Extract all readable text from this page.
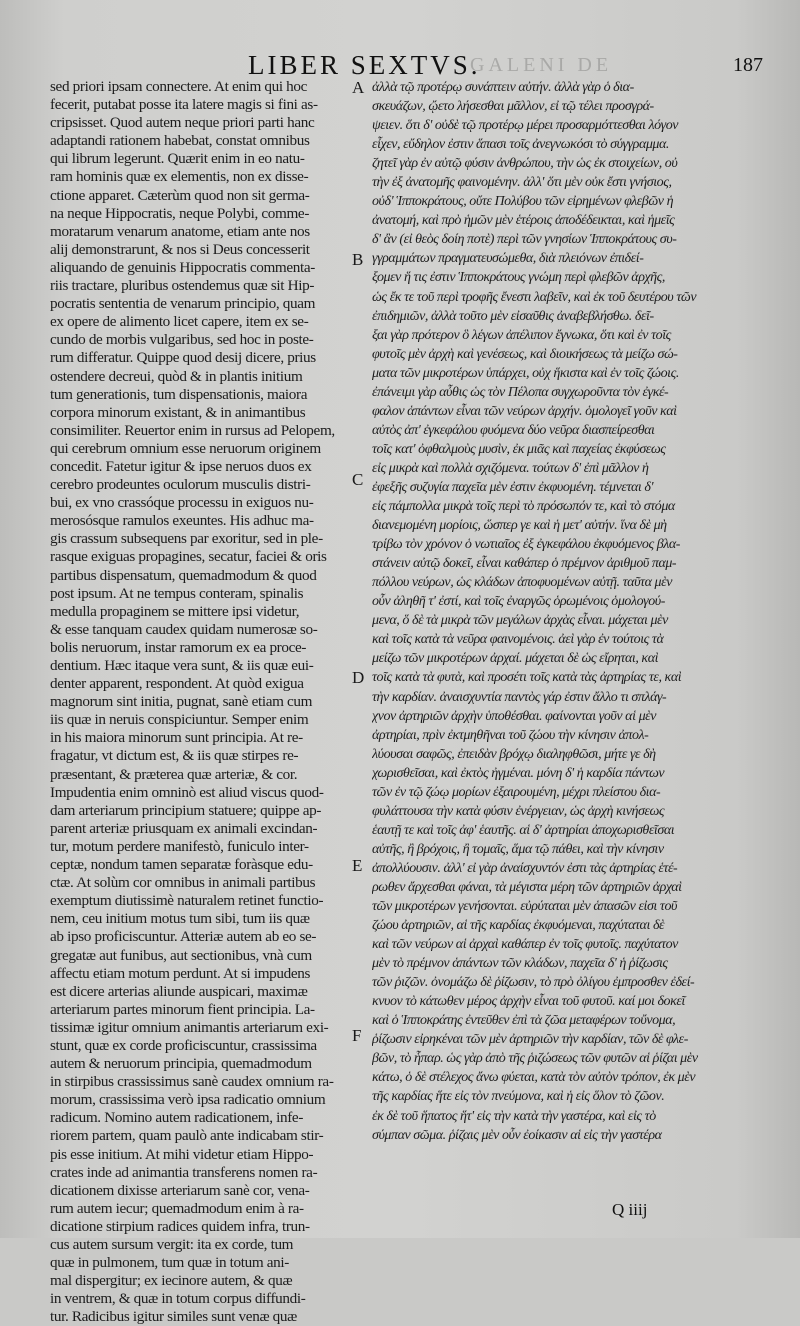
GALENI DE
LIBER SEXTVS.	187
sed priori ipsam connectere. At enim qui hoc
fecerit, putabat posse ita latere magis si fini as-
cripsisset. Quod autem neque priori parti hanc
adaptandi rationem habebat, constat omnibus
qui librum legerunt. Quærit enim in eo natu-
ram hominis quæ ex elementis, non ex disse-
ctione apparet. Cæterùm quod non sit germa-
na neque Hippocratis, neque Polybi, comme-
moratarum venarum anatome, etiam ante nos
alij demonstrarunt, & nos si Deus concesserit
aliquando de genuinis Hippocratis commenta-
riis tractare, pluribus ostendemus quæ sit Hip-
pocratis sententia de venarum principio, quam
ex opere de alimento licet capere, item ex se-
cundo de morbis vulgaribus, sed hoc in poste-
rum differatur. Quippe quod desij dicere, prius
ostendere decreui, quòd & in plantis initium
tum generationis, tum dispensationis, maiora
corpora minorum existant, & in animantibus
consimiliter. Reuertor enim in rursus ad Pelopem,
qui cerebrum omnium esse neruorum originem
concedit. Fatetur igitur & ipse neruos duos ex
cerebro prodeuntes oculorum musculis distri-
bui, ex vno crassóque processu in exiguos nu-
merosósque ramulos exeuntes. His adhuc ma-
gis crassum subsequens par exoritur, sed in ple-
rasque exiguas propagines, secatur, faciei & oris
partibus dispensatum, quemadmodum & quod
post ipsum. At ne tempus conteram, spinalis
medulla propaginem se mittere ipsi videtur,
& esse tanquam caudex quidam numerosæ so-
bolis neruorum, instar ramorum ex ea proce-
dentium. Hæc itaque vera sunt, & iis quæ eui-
denter apparent, respondent. At quòd exigua
magnorum sint initia, pugnat, sanè etiam cum
iis quæ in neruis conspiciuntur. Semper enim
in his maiora minorum sunt principia. At re-
fragatur, vt dictum est, & iis quæ stirpes re-
præsentant, & præterea quæ arteriæ, & cor.
Impudentia enim omninò est aliud viscus quod-
dam arteriarum principium statuere; quippe ap-
parent arteriæ priusquam ex animali excindan-
tur, motum perdere manifestò, funiculo inter-
ceptæ, nondum tamen separatæ foràsque edu-
ctæ. At solùm cor omnibus in animali partibus
exemptum diutissimè naturalem retinet functio-
nem, ceu initium motus tum sibi, tum iis quæ
ab ipso proficiscuntur. Atteriæ autem ab eo se-
gregatæ aut funibus, aut sectionibus, vnà cum
affectu etiam motum perdunt. At si impudens
est dicere arterias aliunde auspicari, maximæ
arteriarum partes minorum fient principia. La-
tissimæ igitur omnium animantis arteriarum exi-
stunt, quæ ex corde proficiscuntur, crassissima
autem & neruorum principia, quemadmodum
in stirpibus crassissimus sanè caudex omnium ra-
morum, crassissima verò ipsa radicatio omnium
radicum. Nomino autem radicationem, infe-
riorem partem, quam paulò ante indicabam stir-
pis esse initium. At mihi videtur etiam Hippo-
crates inde ad animantia transferens nomen ra-
dicationem dixisse arteriarum sanè cor, vena-
rum autem iecur; quemadmodum enim à ra-
dicatione stirpium radices quidem infra, trun-
cus autem sursum vergit: ita ex corde, tum
quæ in pulmonem, tum quæ in totum ani-
mal dispergitur; ex iecinore autem, & quæ
in ventrem, & quæ in totum corpus diffundi-
tur. Radicibus igitur similes sunt venæ quæ
ἀλλὰ τῷ προτέρῳ συνάπτειν αὐτήν. ἀλλὰ γὰρ ὁ δια-
σκευάζων, ᾤετο λήσεσθαι μᾶλλον, εἰ τῷ τέλει προσγρά-
ψειεν. ὅτι δ' οὐδὲ τῷ προτέρῳ μέρει προσαρμόττεσθαι λόγον
εἶχεν, εὔδηλον ἐστιν ἅπασι τοῖς ἀνεγνωκόσι τὸ σύγγραμμα.
ζητεῖ γὰρ ἐν αὐτῷ φύσιν ἀνθρώπου, τὴν ὡς ἐκ στοιχείων, οὐ
τὴν ἐξ ἀνατομῆς φαινομένην. ἀλλ' ὅτι μὲν οὐκ ἔστι γνήσιος,
οὐδ' Ἱπποκράτους, οὔτε Πολύβου τῶν εἰρημένων φλεβῶν ἡ
ἀνατομή, καὶ πρὸ ἡμῶν μὲν ἑτέροις ἀποδέδεικται, καὶ ἡμεῖς
δ' ἂν (εἰ θεὸς δοίη ποτὲ) περὶ τῶν γνησίων Ἱπποκράτους συ-
γγραμμάτων πραγματευσώμεθα, διὰ πλειόνων ἐπιδεί-
ξομεν ἥ τις ἐστιν Ἱπποκράτους γνώμη περὶ φλεβῶν ἀρχῆς,
ὡς ἔκ τε τοῦ περὶ τροφῆς ἔνεστι λαβεῖν, καὶ ἐκ τοῦ δευτέρου τῶν
ἐπιδημιῶν, ἀλλὰ τοῦτο μὲν εἰσαῦθις ἀναβεβλήσθω. δεῖ-
ξαι γὰρ πρότερον ὃ λέγων ἀπέλιπον ἔγνωκα, ὅτι καὶ ἐν τοῖς
φυτοῖς μὲν ἀρχὴ καὶ γενέσεως, καὶ διοικήσεως τὰ μείζω σώ-
ματα τῶν μικροτέρων ὑπάρχει, οὐχ ἥκιστα καὶ ἐν τοῖς ζώοις.
ἐπάνειμι γὰρ αὖθις ὡς τὸν Πέλοπα συγχωροῦντα τὸν ἐγκέ-
φαλον ἁπάντων εἶναι τῶν νεύρων ἀρχήν. ὁμολογεῖ γοῦν καὶ
αὐτὸς ἀπ' ἐγκεφάλου φυόμενα δύο νεῦρα διασπείρεσθαι
τοῖς κατ' ὀφθαλμοὺς μυσὶν, ἐκ μιᾶς καὶ παχείας ἐκφύσεως
εἰς μικρὰ καὶ πολλὰ σχιζόμενα. τούτων δ' ἐπὶ μᾶλλον ἡ
ἐφεξῆς συζυγία παχεῖα μὲν ἐστιν ἐκφυομένη. τέμνεται δ'
εἰς πάμπολλα μικρὰ τοῖς περὶ τὸ πρόσωπόν τε, καὶ τὸ στόμα
διανεμομένη μορίοις, ὥσπερ γε καὶ ἡ μετ' αὐτήν. ἵνα δὲ μὴ
τρίβω τὸν χρόνον ὁ νωτιαῖος ἐξ ἐγκεφάλου ἐκφυόμενος βλα-
στάνειν αὐτῷ δοκεῖ, εἶναι καθάπερ ὁ πρέμνον ἀριθμοῦ παμ-
πόλλου νεύρων, ὡς κλάδων ἀποφυομένων αὐτῇ. ταῦτα μὲν
οὖν ἀληθῆ τ' ἐστί, καὶ τοῖς ἐναργῶς ὁρωμένοις ὁμολογού-
μενα, ὅ δὲ τὰ μικρὰ τῶν μεγάλων ἀρχὰς εἶναι. μάχεται μὲν
καὶ τοῖς κατὰ τὰ νεῦρα φαινομένοις. ἀεὶ γὰρ ἐν τούτοις τὰ
μείζω τῶν μικροτέρων ἀρχαί. μάχεται δὲ ὡς εἴρηται, καὶ
τοῖς κατὰ τὰ φυτὰ, καὶ προσέτι τοῖς κατὰ τὰς ἀρτηρίας τε, καὶ
τὴν καρδίαν. ἀναισχυντία παντὸς γάρ ἐστιν ἄλλο τι σπλάγ-
χνον ἀρτηριῶν ἀρχὴν ὑποθέσθαι. φαίνονται γοῦν αἱ μὲν
ἀρτηρίαι, πρὶν ἐκτμηθῆναι τοῦ ζώου τὴν κίνησιν ἀπολ-
λύουσαι σαφῶς, ἐπειδὰν βρόχῳ διαληφθῶσι, μήτε γε δὴ
χωρισθεῖσαι, καὶ ἐκτὸς ἠγμέναι. μόνη δ' ἡ καρδία πάντων
τῶν ἐν τῷ ζώῳ μορίων ἐξαιρουμένη, μέχρι πλείστου δια-
φυλάττουσα τὴν κατὰ φύσιν ἐνέργειαν, ὡς ἀρχὴ κινήσεως
ἑαυτῇ τε καὶ τοῖς ἀφ' ἑαυτῆς. αἱ δ' ἀρτηρίαι ἀποχωρισθεῖσαι
αὐτῆς, ἢ βρόχοις, ἢ τομαῖς, ἅμα τῷ πάθει, καὶ τὴν κίνησιν
ἀπολλύουσιν. ἀλλ' εἰ γὰρ ἀναίσχυντόν ἐστι τὰς ἀρτηρίας ἑτέ-
ρωθεν ἄρχεσθαι φάναι, τὰ μέγιστα μέρη τῶν ἀρτηριῶν ἀρχαὶ
τῶν μικροτέρων γενήσονται. εὐρύταται μὲν ἁπασῶν εἰσι τοῦ
ζώου ἀρτηριῶν, αἱ τῆς καρδίας ἐκφυόμεναι, παχύταται δὲ
καὶ τῶν νεύρων αἱ ἀρχαὶ καθάπερ ἐν τοῖς φυτοῖς. παχύτατον
μὲν τὸ πρέμνον ἁπάντων τῶν κλάδων, παχεῖα δ' ἡ ῥίζωσις
τῶν ῥιζῶν. ὀνομάζω δὲ ῥίζωσιν, τὸ πρὸ ὀλίγου ἐμπροσθεν ἐδεί-
κνυον τὸ κάτωθεν μέρος ἀρχὴν εἶναι τοῦ φυτοῦ. καί μοι δοκεῖ
καὶ ὁ Ἱπποκράτης ἐντεῦθεν ἐπὶ τὰ ζῶα μεταφέρων τοὔνομα,
ῥίζωσιν εἰρηκέναι τῶν μὲν ἀρτηριῶν τὴν καρδίαν, τῶν δὲ φλε-
βῶν, τὸ ἧπαρ. ὡς γὰρ ἀπὸ τῆς ῥιζώσεως τῶν φυτῶν αἱ ῥίζαι μὲν
κάτω, ὁ δὲ στέλεχος ἄνω φύεται, κατὰ τὸν αὐτὸν τρόπον, ἐκ μὲν
τῆς καρδίας ἥτε εἰς τὸν πνεύμονα, καὶ ἡ εἰς ὅλον τὸ ζῶον.
ἐκ δὲ τοῦ ἥπατος ἥτ' εἰς τὴν κατὰ τὴν γαστέρα, καὶ εἰς τὸ
σύμπαν σῶμα. ῥίζαις μὲν οὖν ἐοίκασιν αἱ εἰς τὴν γαστέρα
A
B
C
D
E
F
Q iiij
